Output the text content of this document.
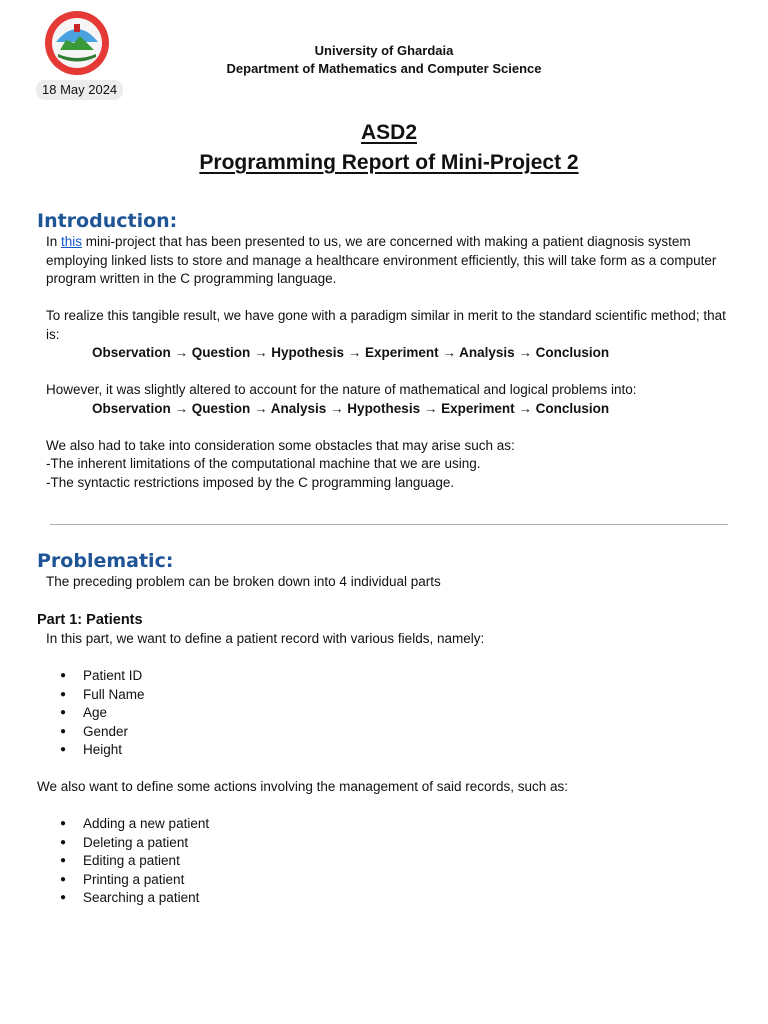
18 May 2024
University of Ghardaia
Department of Mathematics and Computer Science
ASD2
Programming Report of Mini-Project 2
Introduction:

In this mini-project that has been presented to us, we are concerned with making a patient diagnosis system employing linked lists to store and manage a healthcare environment efficiently, this will take form as a computer program written in the C programming language.

To realize this tangible result, we have gone with a paradigm similar in merit to the standard scientific method; that is:

Observation → Question → Hypothesis → Experiment → Analysis → Conclusion

However, it was slightly altered to account for the nature of mathematical and logical problems into:

Observation → Question → Analysis → Hypothesis → Experiment → Conclusion

We also had to take into consideration some obstacles that may arise such as:

-The inherent limitations of the computational machine that we are using.

-The syntactic restrictions imposed by the C programming language.

Problematic:

The preceding problem can be broken down into 4 individual parts

Part 1: Patients

In this part, we want to define a patient record with various fields, namely:

● Patient ID
● Full Name
● Age
● Gender
● Height

We also want to define some actions involving the management of said records, such as:

● Adding a new patient
● Deleting a patient
● Editing a patient
● Printing a patient
● Searching a patient
